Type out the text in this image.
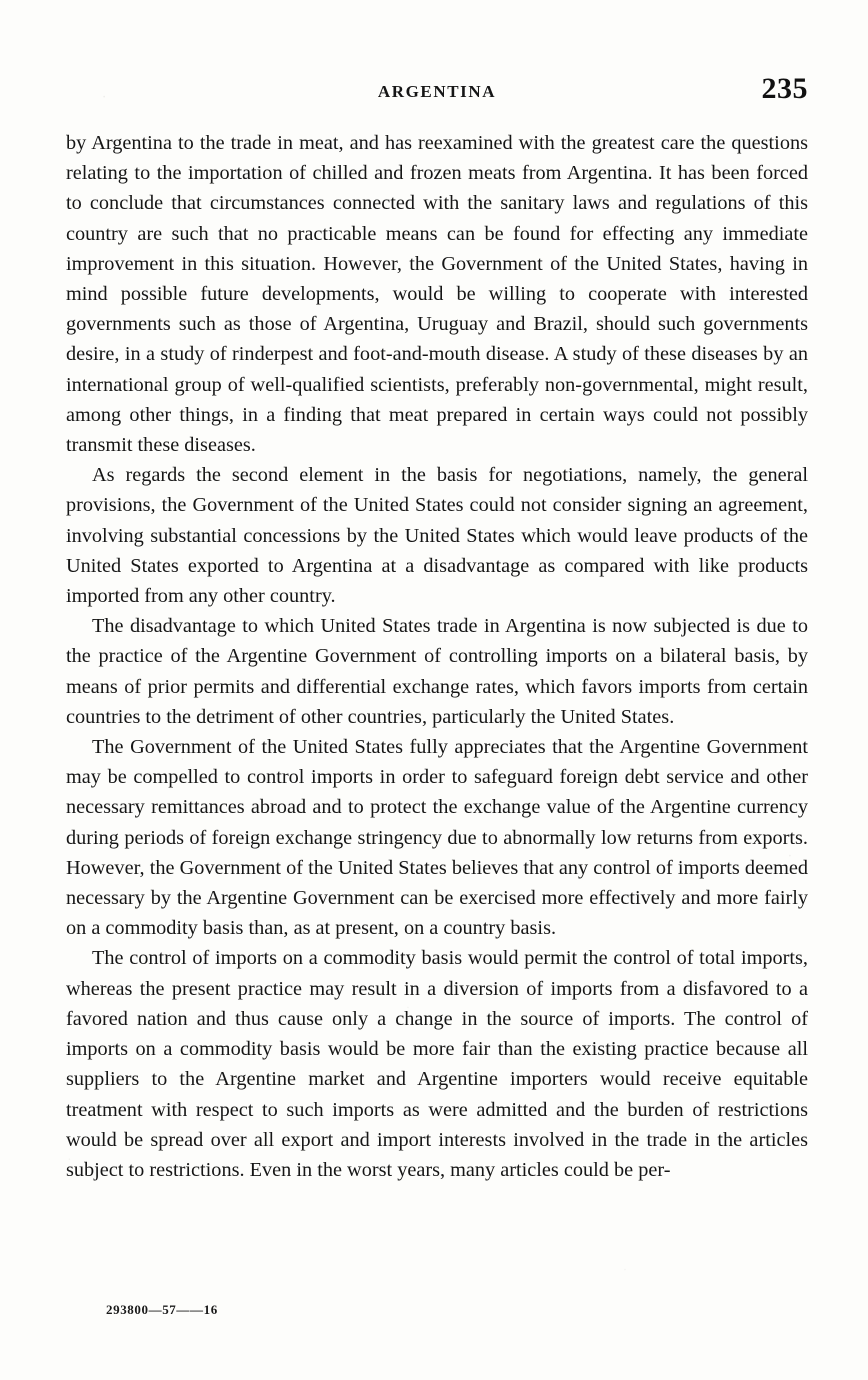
ARGENTINA	235

by Argentina to the trade in meat, and has reexamined with the greatest care the questions relating to the importation of chilled and frozen meats from Argentina. It has been forced to conclude that circumstances connected with the sanitary laws and regulations of this country are such that no practicable means can be found for effecting any immediate improvement in this situation. However, the Government of the United States, having in mind possible future developments, would be willing to cooperate with interested governments such as those of Argentina, Uruguay and Brazil, should such governments desire, in a study of rinderpest and foot-and-mouth disease. A study of these diseases by an international group of well-qualified scientists, preferably non-governmental, might result, among other things, in a finding that meat prepared in certain ways could not possibly transmit these diseases.

As regards the second element in the basis for negotiations, namely, the general provisions, the Government of the United States could not consider signing an agreement, involving substantial concessions by the United States which would leave products of the United States exported to Argentina at a disadvantage as compared with like products imported from any other country.

The disadvantage to which United States trade in Argentina is now subjected is due to the practice of the Argentine Government of controlling imports on a bilateral basis, by means of prior permits and differential exchange rates, which favors imports from certain countries to the detriment of other countries, particularly the United States.

The Government of the United States fully appreciates that the Argentine Government may be compelled to control imports in order to safeguard foreign debt service and other necessary remittances abroad and to protect the exchange value of the Argentine currency during periods of foreign exchange stringency due to abnormally low returns from exports. However, the Government of the United States believes that any control of imports deemed necessary by the Argentine Government can be exercised more effectively and more fairly on a commodity basis than, as at present, on a country basis.

The control of imports on a commodity basis would permit the control of total imports, whereas the present practice may result in a diversion of imports from a disfavored to a favored nation and thus cause only a change in the source of imports. The control of imports on a commodity basis would be more fair than the existing practice because all suppliers to the Argentine market and Argentine importers would receive equitable treatment with respect to such imports as were admitted and the burden of restrictions would be spread over all export and import interests involved in the trade in the articles subject to restrictions. Even in the worst years, many articles could be per-

293800—57——16
